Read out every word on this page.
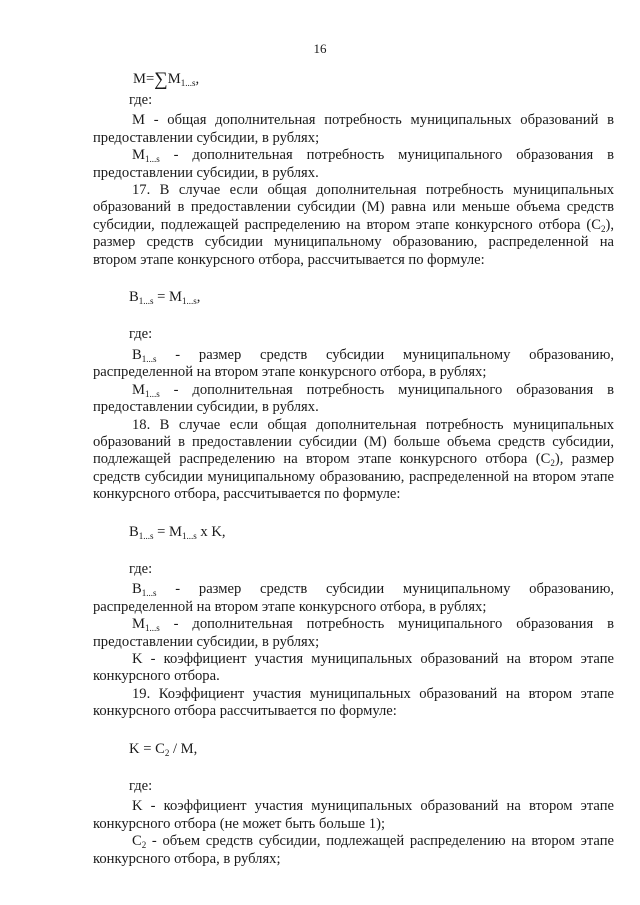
16

$M=\sum M_{1...s}$,

где:

M - общая дополнительная потребность муниципальных образований в предоставлении субсидии, в рублях;

$M_{1...s}$ - дополнительная потребность муниципального образования в предоставлении субсидии, в рублях.

17. В случае если общая дополнительная потребность муниципальных образований в предоставлении субсидии (M) равна или меньше объема средств субсидии, подлежащей распределению на втором этапе конкурсного отбора $(C_2)$, размер средств субсидии муниципальному образованию, распределенной на втором этапе конкурсного отбора, рассчитывается по формуле:

$B_{1...s} = M_{1...s}$,

где:

$B_{1...s}$ - размер средств субсидии муниципальному образованию, распределенной на втором этапе конкурсного отбора, в рублях;

$M_{1...s}$ - дополнительная потребность муниципального образования в предоставлении субсидии, в рублях.

18. В случае если общая дополнительная потребность муниципальных образований в предоставлении субсидии (M) больше объема средств субсидии, подлежащей распределению на втором этапе конкурсного отбора $(C_2)$, размер средств субсидии муниципальному образованию, распределенной на втором этапе конкурсного отбора, рассчитывается по формуле:

$B_{1...s} = M_{1...s}$ x K,

где:

$B_{1...s}$ - размер средств субсидии муниципальному образованию, распределенной на втором этапе конкурсного отбора, в рублях;

$M_{1...s}$ - дополнительная потребность муниципального образования в предоставлении субсидии, в рублях;

K - коэффициент участия муниципальных образований на втором этапе конкурсного отбора.

19. Коэффициент участия муниципальных образований на втором этапе конкурсного отбора рассчитывается по формуле:

$K = C_2 / M$,

где:

K - коэффициент участия муниципальных образований на втором этапе конкурсного отбора (не может быть больше 1);

$C_2$ - объем средств субсидии, подлежащей распределению на втором этапе конкурсного отбора, в рублях;
